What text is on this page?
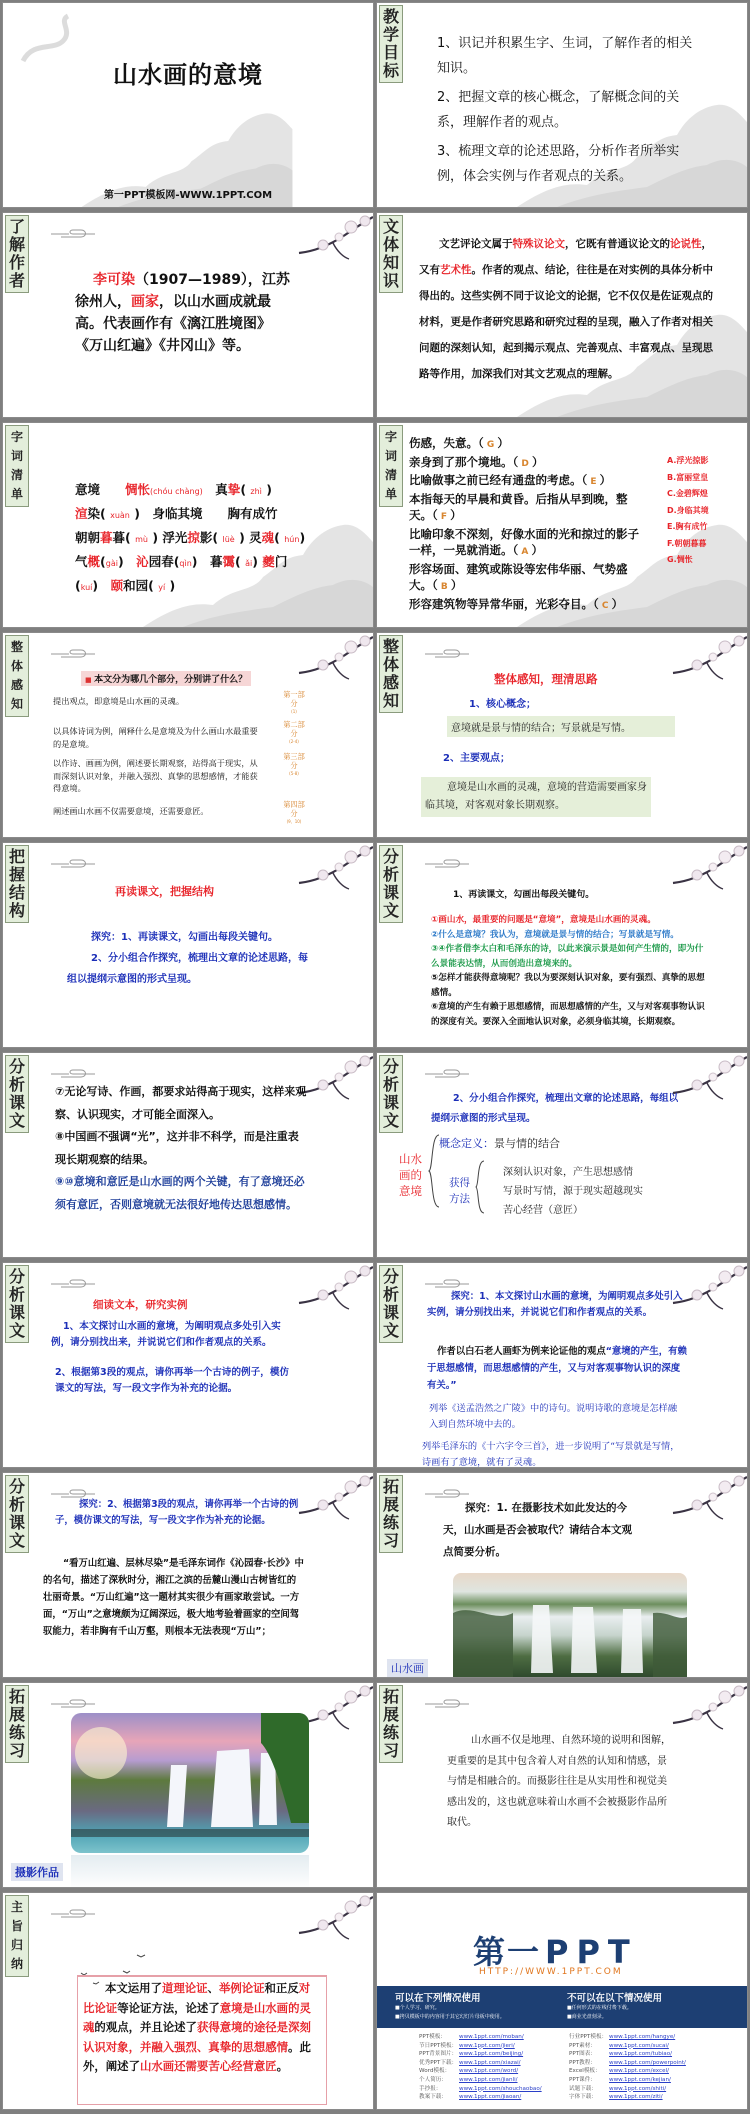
山水画的意境
第一PPT模板网-WWW.1PPT.COM
教学目标

1、识记并积累生字、生词，了解作者的相关知识。

2、把握文章的核心概念，了解概念间的关系，理解作者的观点。

3、梳理文章的论述思路，分析作者所举实例，体会实例与作者观点的关系。

了解作者	李可染（1907—1989），江苏徐州人，画家，以山水画成就最高。代表画作有《漓江胜境图》《万山红遍》《井冈山》等。
文体知识
文艺评论文属于特殊议论文，它既有普通议论文的论说性，又有艺术性。作者的观点、结论，往往是在对实例的具体分析中得出的。这些实例不同于议论文的论据，它不仅仅是佐证观点的材料，更是作者研究思路和研究过程的呈现，融入了作者对相关问题的深刻认知，起到揭示观点、完善观点、丰富观点、呈现思路等作用，加深我们对其文艺观点的理解。
字词清单	意境　　惆怅(chóu chàng)　真挚( zhì )

渲染( xuàn )　身临其境　　胸有成竹

朝朝暮暮( mù ) 浮光掠影( lüè ) 灵魂( hún)

气概(gài)　沁园春(qìn)　暮霭( ǎi) 夔门

(kuí)　颐和园( yí )

字词清单

伤感，失意。（ G ）

亲身到了那个境地。（ D ）

比喻做事之前已经有通盘的考虑。（ E ）

本指每天的早晨和黄昏。后指从早到晚，整天。（ F ）

比喻印象不深刻，好像水面的光和掠过的影子一样，一晃就消逝。（ A ）

形容场面、建筑或陈设等宏伟华丽、气势盛大。（ B ）

形容建筑物等异常华丽，光彩夺目。（ C ）

A.浮光掠影

B.富丽堂皇

C.金碧辉煌

D.身临其境

E.胸有成竹

F.朝朝暮暮

G.惆怅

整体感知
■ 本文分为哪几个部分，分别讲了什么？
提出观点，即意境是山水画的灵魂。
第一部分
(1)
以具体诗词为例，阐释什么是意境及为什么画山水最重要的是意境。
第二部分
(2-4)
以作诗、画画为例，阐述要长期观察，站得高于现实，从而深刻认识对象，并融入强烈、真挚的思想感情，才能获得意境。
第三部分
(5-8)
阐述画山水画不仅需要意境，还需要意匠。
第四部分
(9、10)
整体感知
整体感知，理清思路
1、核心概念；
意境就是景与情的结合；写景就是写情。
2、主要观点；
意境是山水画的灵魂，意境的营造需要画家身临其境，对客观对象长期观察。
把握结构
再读课文，把握结构

探究：1、再读课文，勾画出每段关键句。

2、分小组合作探究，梳理出文章的论述思路，每组以提纲示意图的形式呈现。

分析课文
1、再读课文，勾画出每段关键句。

①画山水，最重要的问题是“意境”，意境是山水画的灵魂。

②什么是意境？我认为，意境就是景与情的结合；写景就是写情。

③④作者借李太白和毛泽东的诗，以此来演示景是如何产生情的，即为什么景能表达情，从而创造出意境来的。

⑤怎样才能获得意境呢？我以为要深刻认识对象，要有强烈、真挚的思想感情。

⑥意境的产生有赖于思想感情，而思想感情的产生，又与对客观事物认识的深度有关。要深入全面地认识对象，必须身临其境，长期观察。

分析课文

⑦无论写诗、作画，都要求站得高于现实，这样来观察、认识现实，才可能全面深入。

⑧中国画不强调“光”，这并非不科学，而是注重表现长期观察的结果。

⑨⑩意境和意匠是山水画的两个关键，有了意境还必须有意匠，否则意境就无法很好地传达思想感情。

分析课文
2、分小组合作探究，梳理出文章的论述思路，每组以提纲示意图的形式呈现。
山水画的意境
概念定义：景与情的结合
获得方法

深刻认识对象，产生思想感情

写景时写情，源于现实超越现实

苦心经营（意匠）

分析课文
细读文本，研究实例

1、本文探讨山水画的意境，为阐明观点多处引入实例，请分别找出来，并说说它们和作者观点的关系。

2、根据第3段的观点，请你再举一个古诗的例子，模仿课文的写法，写一段文字作为补充的论据。

分析课文
探究：1、本文探讨山水画的意境，为阐明观点多处引入实例，请分别找出来，并说说它们和作者观点的关系。
作者以白石老人画虾为例来论证他的观点“意境的产生，有赖于思想感情，而思想感情的产生，又与对客观事物认识的深度有关。”
列举《送孟浩然之广陵》中的诗句。说明诗歌的意境是怎样融入到自然环境中去的。
列举毛泽东的《十六字令三首》，进一步说明了“写景就是写情，诗画有了意境，就有了灵魂。
分析课文
探究：2、根据第3段的观点，请你再举一个古诗的例子，模仿课文的写法，写一段文字作为补充的论据。
“看万山红遍、层林尽染”是毛泽东词作《沁园春·长沙》中的名句，描述了深秋时分，湘江之滨的岳麓山漫山古树皆红的壮丽奇景。“万山红遍”这一题材其实很少有画家敢尝试。一方面，“万山”之意境颇为辽阔深远，极大地考验着画家的空间驾驭能力，若非胸有千山万壑，则根本无法表现“万山”；
拓展练习
探究：1. 在摄影技术如此发达的今天，山水画是否会被取代？请结合本文观点简要分析。
山水画
拓展练习
摄影作品
拓展练习
山水画不仅是地理、自然环境的说明和图解，更重要的是其中包含着人对自然的认知和情感，景与情是相融合的。而摄影往往是从实用性和视觉美感出发的，这也就意味着山水画不会被摄影作品所取代。
主旨归纳
本文运用了道理论证、举例论证和正反对比论证等论证方法，论述了意境是山水画的灵魂的观点，并且论述了获得意境的途径是深刻认识对象，并融入强烈、真挚的思想感情。此外，阐述了山水画还需要苦心经营意匠。
第一 PPT
HTTP://WWW.1PPT.COM
可以在下列情况使用

■个人学习、研究。

■拷贝模板中的内容用于其它幻灯片母板中使用。

不可以在以下情况使用

■任何形式的在线付费下载。

■商业光盘刻录。

PPT模板： www.1ppt.com/moban/

节日PPT模板： www.1ppt.com/jieri/

PPT背景图片： www.1ppt.com/beijing/

优秀PPT下载： www.1ppt.com/xiazai/

Word模板： www.1ppt.com/word/

个人简历： www.1ppt.com/jianli/

手抄报：	www.1ppt.com/shouchaobao/

教案下载： www.1ppt.com/jiaoan/

行业PPT模板： www.1ppt.com/hangye/

PPT素材： www.1ppt.com/sucai/

PPT图表： www.1ppt.com/tubiao/

PPT教程： www.1ppt.com/powerpoint/

Excel模板： www.1ppt.com/excel/

PPT课件： www.1ppt.com/kejian/

试题下载： www.1ppt.com/shiti/

字体下载： www.1ppt.com/ziti/
